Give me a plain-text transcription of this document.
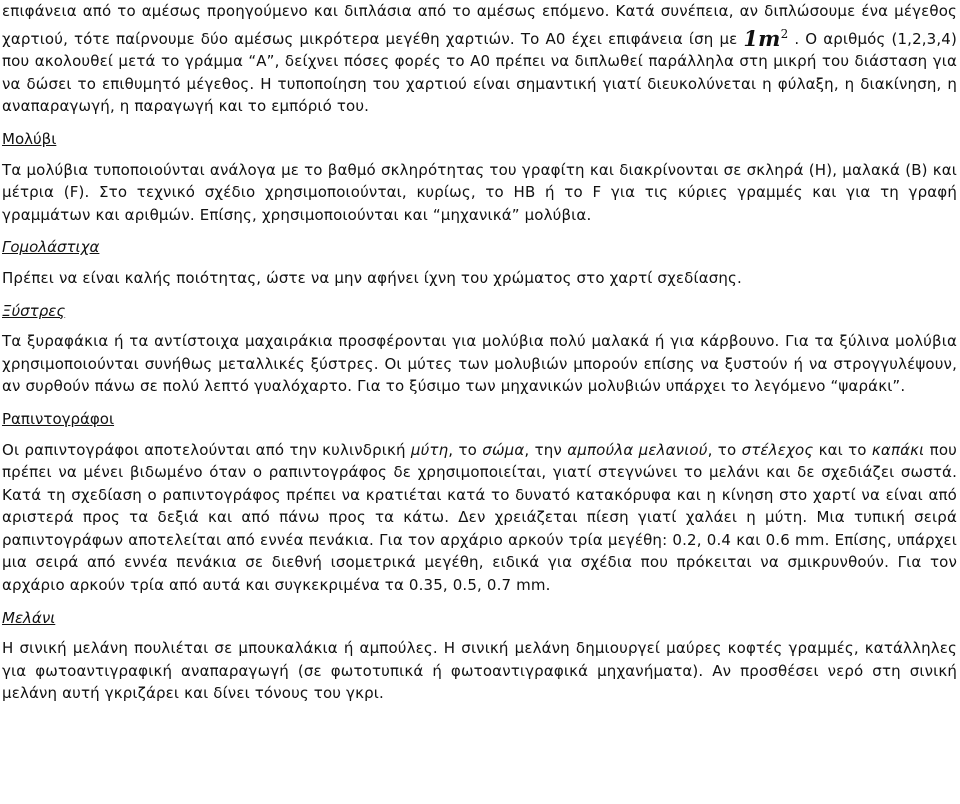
επιφάνεια από το αμέσως προηγούμενο και διπλάσια από το αμέσως επόμενο. Κατά συνέπεια, αν διπλώσουμε ένα μέγεθος χαρτιού, τότε παίρνουμε δύο αμέσως μικρότερα μεγέθη χαρτιών. Το Α0 έχει επιφάνεια ίση με $1m^2$ . Ο αριθμός (1,2,3,4) που ακολουθεί μετά το γράμμα “Α”, δείχνει πόσες φορές το Α0 πρέπει να διπλωθεί παράλληλα στη μικρή του διάσταση για να δώσει το επιθυμητό μέγεθος. Η τυποποίηση του χαρτιού είναι σημαντική γιατί διευκολύνεται η φύλαξη, η διακίνηση, η αναπαραγωγή, η παραγωγή και το εμπόριό του.

Μολύβι

Τα μολύβια τυποποιούνται ανάλογα με το βαθμό σκληρότητας του γραφίτη και διακρίνονται σε σκληρά (H), μαλακά (B) και μέτρια (F). Στο τεχνικό σχέδιο χρησιμοποιούνται, κυρίως, το HB ή το F για τις κύριες γραμμές και για τη γραφή γραμμάτων και αριθμών. Επίσης, χρησιμοποιούνται και “μηχανικά” μολύβια.

Γομολάστιχα

Πρέπει να είναι καλής ποιότητας, ώστε να μην αφήνει ίχνη του χρώματος στο χαρτί σχεδίασης.

Ξύστρες

Τα ξυραφάκια ή τα αντίστοιχα μαχαιράκια προσφέρονται για μολύβια πολύ μαλακά ή για κάρβουνο. Για τα ξύλινα μολύβια χρησιμοποιούνται συνήθως μεταλλικές ξύστρες. Οι μύτες των μολυβιών μπορούν επίσης να ξυστούν ή να στρογγυλέψουν, αν συρθούν πάνω σε πολύ λεπτό γυαλόχαρτο. Για το ξύσιμο των μηχανικών μολυβιών υπάρχει το λεγόμενο “ψαράκι”.

Ραπιντογράφοι

Οι ραπιντογράφοι αποτελούνται από την κυλινδρική μύτη, το σώμα, την αμπούλα μελανιού, το στέλεχος και το καπάκι που πρέπει να μένει βιδωμένο όταν ο ραπιντογράφος δε χρησιμοποιείται, γιατί στεγνώνει το μελάνι και δε σχεδιάζει σωστά. Κατά τη σχεδίαση ο ραπιντογράφος πρέπει να κρατιέται κατά το δυνατό κατακόρυφα και η κίνηση στο χαρτί να είναι από αριστερά προς τα δεξιά και από πάνω προς τα κάτω. Δεν χρειάζεται πίεση γιατί χαλάει η μύτη. Μια τυπική σειρά ραπιντογράφων αποτελείται από εννέα πενάκια. Για τον αρχάριο αρκούν τρία μεγέθη: 0.2, 0.4 και 0.6 mm. Επίσης, υπάρχει μια σειρά από εννέα πενάκια σε διεθνή ισομετρικά μεγέθη, ειδικά για σχέδια που πρόκειται να σμικρυνθούν. Για τον αρχάριο αρκούν τρία από αυτά και συγκεκριμένα τα 0.35, 0.5, 0.7 mm.

Μελάνι

Η σινική μελάνη πουλιέται σε μπουκαλάκια ή αμπούλες. Η σινική μελάνη δημιουργεί μαύρες κοφτές γραμμές, κατάλληλες για φωτοαντιγραφική αναπαραγωγή (σε φωτοτυπικά ή φωτοαντιγραφικά μηχανήματα). Αν προσθέσει νερό στη σινική μελάνη αυτή γκριζάρει και δίνει τόνους του γκρι.
